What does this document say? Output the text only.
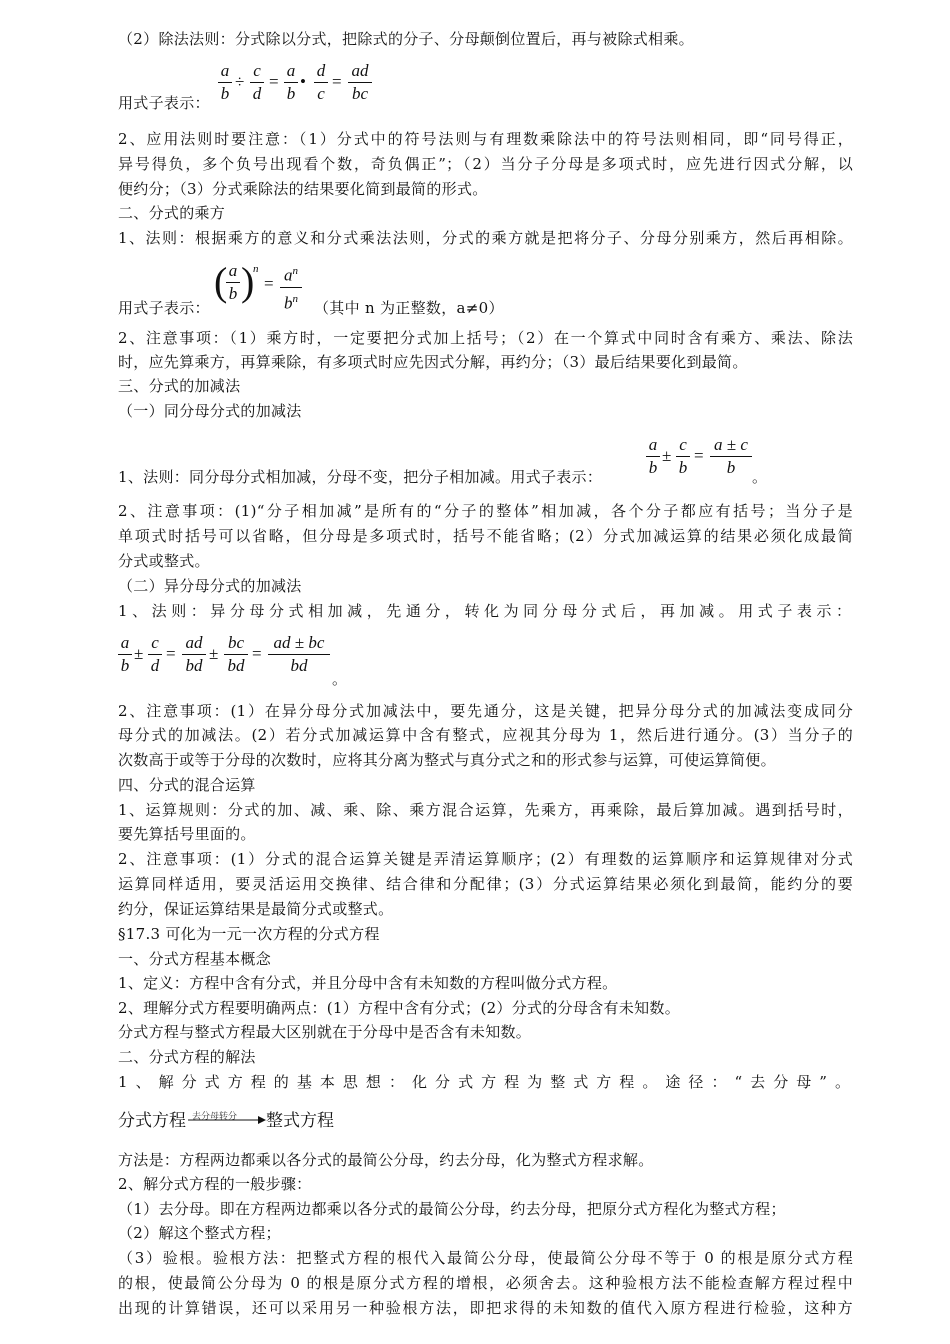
（2）除法法则：分式除以分式，把除式的分子、分母颠倒位置后，再与被除式相乘。
a
b
÷
c
d
=
a
b
•
d
c
=
ad
bc
用式子表示：
2、应用法则时要注意：（1）分式中的符号法则与有理数乘除法中的符号法则相同，即“同号得正，
异号得负，多个负号出现看个数，奇负偶正”；（2）当分子分母是多项式时，应先进行因式分解，以
便约分；（3）分式乘除法的结果要化简到最简的形式。
二、分式的乘方
1、法则：根据乘方的意义和分式乘法法则，分式的乘方就是把将分子、分母分别乘方，然后再相除。
( a
b )
n
= $a^n$
$b^n$
用式子表示：	（其中 n 为正整数，a≠0）
2、注意事项：（1）乘方时，一定要把分式加上括号；（2）在一个算式中同时含有乘方、乘法、除法
时，应先算乘方，再算乘除，有多项式时应先因式分解，再约分；（3）最后结果要化到最简。
三、分式的加减法
（一）同分母分式的加减法
a
b
±
c
b
=
a ± c
b
1、法则：同分母分式相加减，分母不变，把分子相加减。用式子表示：	。
2、注意事项：(1)“分子相加减”是所有的“分子的整体”相加减，各个分子都应有括号；当分子是
单项式时括号可以省略，但分母是多项式时，括号不能省略；(2）分式加减运算的结果必须化成最简
分式或整式。
（二）异分母分式的加减法
1、法则：异分母分式相加减，先通分，转化为同分母分式后，再加减。用式子表示：
a
b
±
c
d
=
ad
bd
±
bc
bd
=
ad ± bc
bd
。
2、注意事项：(1）在异分母分式加减法中，要先通分，这是关键，把异分母分式的加减法变成同分
母分式的加减法。(2）若分式加减运算中含有整式，应视其分母为 1，然后进行通分。(3）当分子的
次数高于或等于分母的次数时，应将其分离为整式与真分式之和的形式参与运算，可使运算简便。
四、分式的混合运算
1、运算规则：分式的加、减、乘、除、乘方混合运算，先乘方，再乘除，最后算加减。遇到括号时，
要先算括号里面的。
2、注意事项：(1）分式的混合运算关键是弄清运算顺序；(2）有理数的运算顺序和运算规律对分式
运算同样适用，要灵活运用交换律、结合律和分配律；(3）分式运算结果必须化到最简，能约分的要
约分，保证运算结果是最简分式或整式。
§17.3 可化为一元一次方程的分式方程
一、分式方程基本概念
1、定义：方程中含有分式，并且分母中含有未知数的方程叫做分式方程。
2、理解分式方程要明确两点：(1）方程中含有分式；(2）分式的分母含有未知数。
分式方程与整式方程最大区别就在于分母中是否含有未知数。
二、分式方程的解法
1、解分式方程的基本思想：化分式方程为整式方程。途径：“去分母”。
分式方程 去分母转分 整式方程
方法是：方程两边都乘以各分式的最简公分母，约去分母，化为整式方程求解。
2、解分式方程的一般步骤：
（1）去分母。即在方程两边都乘以各分式的最简公分母，约去分母，把原分式方程化为整式方程；
（2）解这个整式方程；
（3）验根。验根方法：把整式方程的根代入最简公分母，使最简公分母不等于 0 的根是原分式方程
的根，使最简公分母为 0 的根是原分式方程的增根，必须舍去。这种验根方法不能检查解方程过程中
出现的计算错误，还可以采用另一种验根方法，即把求得的未知数的值代入原方程进行检验，这种方
